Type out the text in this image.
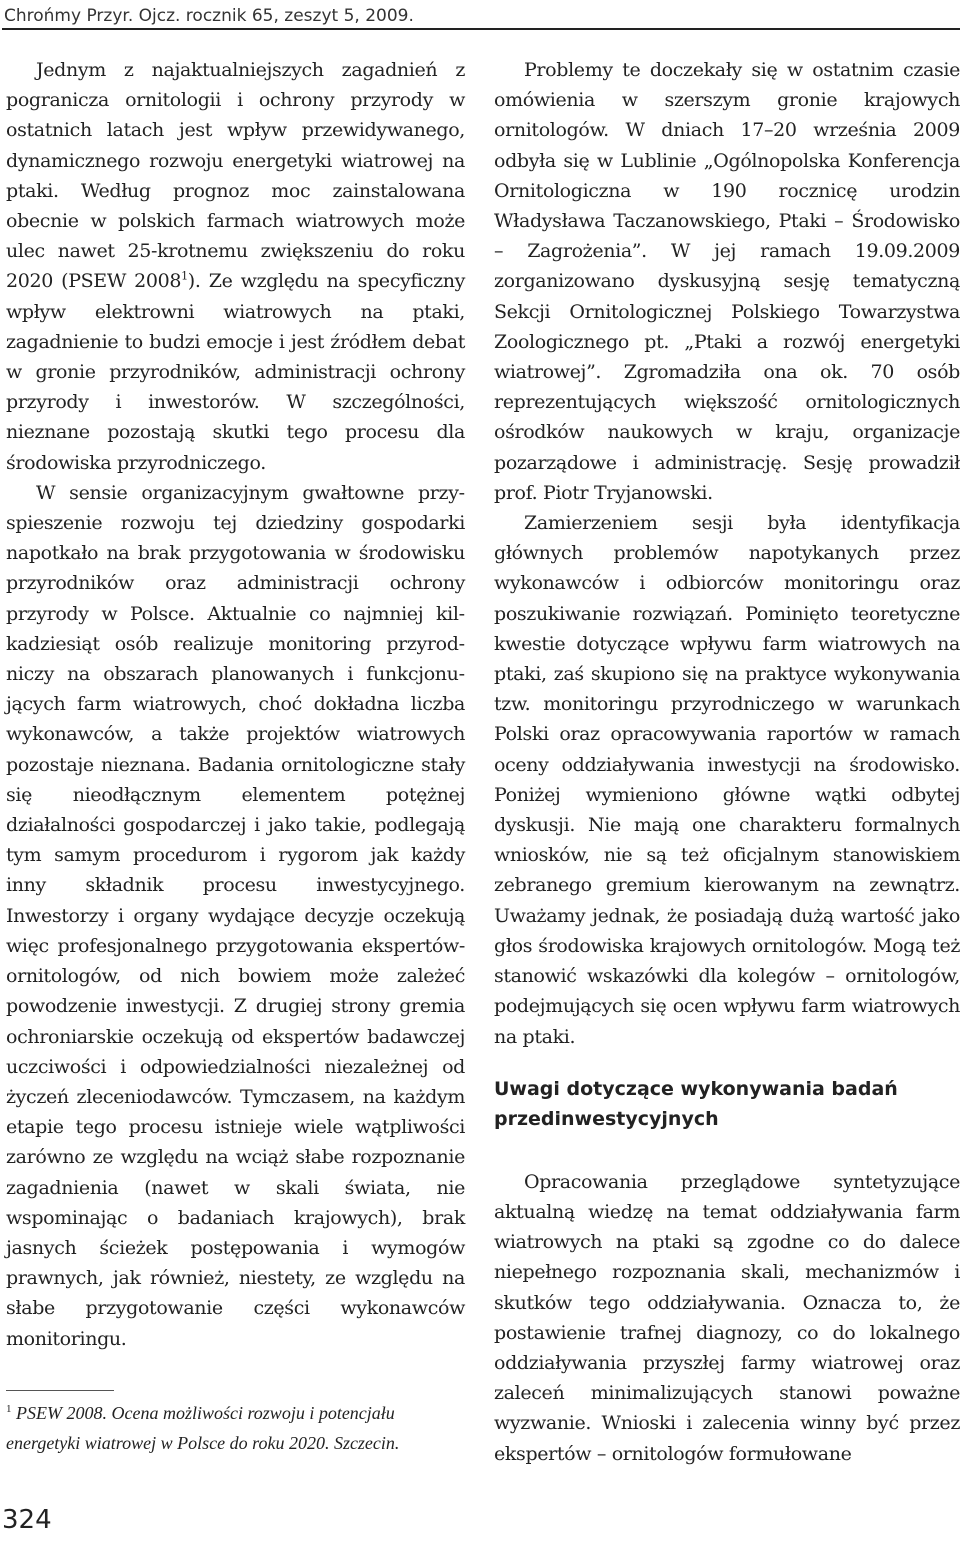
Chrońmy Przyr. Ojcz. rocznik 65, zeszyt 5, 2009.

Jednym z najaktualniejszych zagadnień z pogranicza ornitologii i ochrony przyrody w ostatnich latach jest wpływ przewidywanego, dynamicznego rozwoju energetyki wiatrowej na ptaki. Według prognoz moc zainstalowana obecnie w polskich farmach wiatrowych może ulec nawet 25-krotnemu zwiększeniu do roku 2020 (PSEW 2008$^1$). Ze względu na specyficzny wpływ elektrowni wiatrowych na ptaki, zagadnienie to budzi emocje i jest źródłem debat w gronie przyrodników, administracji ochrony przyrody i inwestorów. W szczególności, nieznane pozostają skutki tego procesu dla środowiska przyrodniczego.

W sensie organizacyjnym gwałtowne przyspieszenie rozwoju tej dziedziny gospodarki napotkało na brak przygotowania w środowisku przyrodników oraz administracji ochrony przyrody w Polsce. Aktualnie co najmniej kilkadziesiąt osób realizuje monitoring przyrodniczy na obszarach planowanych i funkcjonujących farm wiatrowych, choć dokładna liczba wykonawców, a także projektów wiatrowych pozostaje nieznana. Badania ornitologiczne stały się nieodłącznym elementem potężnej działalności gospodarczej i jako takie, podlegają tym samym procedurom i rygorom jak każdy inny składnik procesu inwestycyjnego. Inwestorzy i organy wydające decyzje oczekują więc profesjonalnego przygotowania ekspertów-ornitologów, od nich bowiem może zależeć powodzenie inwestycji. Z drugiej strony gremia ochroniarskie oczekują od ekspertów badawczej uczciwości i odpowiedzialności niezależnej od życzeń zleceniodawców. Tymczasem, na każdym etapie tego procesu istnieje wiele wątpliwości zarówno ze względu na wciąż słabe rozpoznanie zagadnienia (nawet w skali świata, nie wspominając o badaniach krajowych), brak jasnych ścieżek postępowania i wymogów prawnych, jak również, niestety, ze względu na słabe przygotowanie części wykonawców monitoringu.

$^1$ PSEW 2008. Ocena możliwości rozwoju i potencjału energetyki wiatrowej w Polsce do roku 2020. Szczecin.

Problemy te doczekały się w ostatnim czasie omówienia w szerszym gronie krajowych ornitologów. W dniach 17–20 września 2009 odbyła się w Lublinie „Ogólnopolska Konferencja Ornitologiczna w 190 rocznicę urodzin Władysława Taczanowskiego, Ptaki – Środowisko – Zagrożenia”. W jej ramach 19.09.2009 zorganizowano dyskusyjną sesję tematyczną Sekcji Ornitologicznej Polskiego Towarzystwa Zoologicznego pt. „Ptaki a rozwój energetyki wiatrowej”. Zgromadziła ona ok. 70 osób reprezentujących większość ornitologicznych ośrodków naukowych w kraju, organizacje pozarządowe i administrację. Sesję prowadził prof. Piotr Tryjanowski.

Zamierzeniem sesji była identyfikacja głównych problemów napotykanych przez wykonawców i odbiorców monitoringu oraz poszukiwanie rozwiązań. Pominięto teoretyczne kwestie dotyczące wpływu farm wiatrowych na ptaki, zaś skupiono się na praktyce wykonywania tzw. monitoringu przyrodniczego w warunkach Polski oraz opracowywania raportów w ramach oceny oddziaływania inwestycji na środowisko. Poniżej wymieniono główne wątki odbytej dyskusji. Nie mają one charakteru formalnych wniosków, nie są też oficjalnym stanowiskiem zebranego gremium kierowanym na zewnątrz. Uważamy jednak, że posiadają dużą wartość jako głos środowiska krajowych ornitologów. Mogą też stanowić wskazówki dla kolegów – ornitologów, podejmujących się ocen wpływu farm wiatrowych na ptaki.

Uwagi dotyczące wykonywania badań przedinwestycyjnych

Opracowania przeglądowe syntetyzujące aktualną wiedzę na temat oddziaływania farm wiatrowych na ptaki są zgodne co do dalece niepełnego rozpoznania skali, mechanizmów i skutków tego oddziaływania. Oznacza to, że postawienie trafnej diagnozy, co do lokalnego oddziaływania przyszłej farmy wiatrowej oraz zaleceń minimalizujących stanowi poważne wyzwanie. Wnioski i zalecenia winny być przez ekspertów – ornitologów formułowane

324
